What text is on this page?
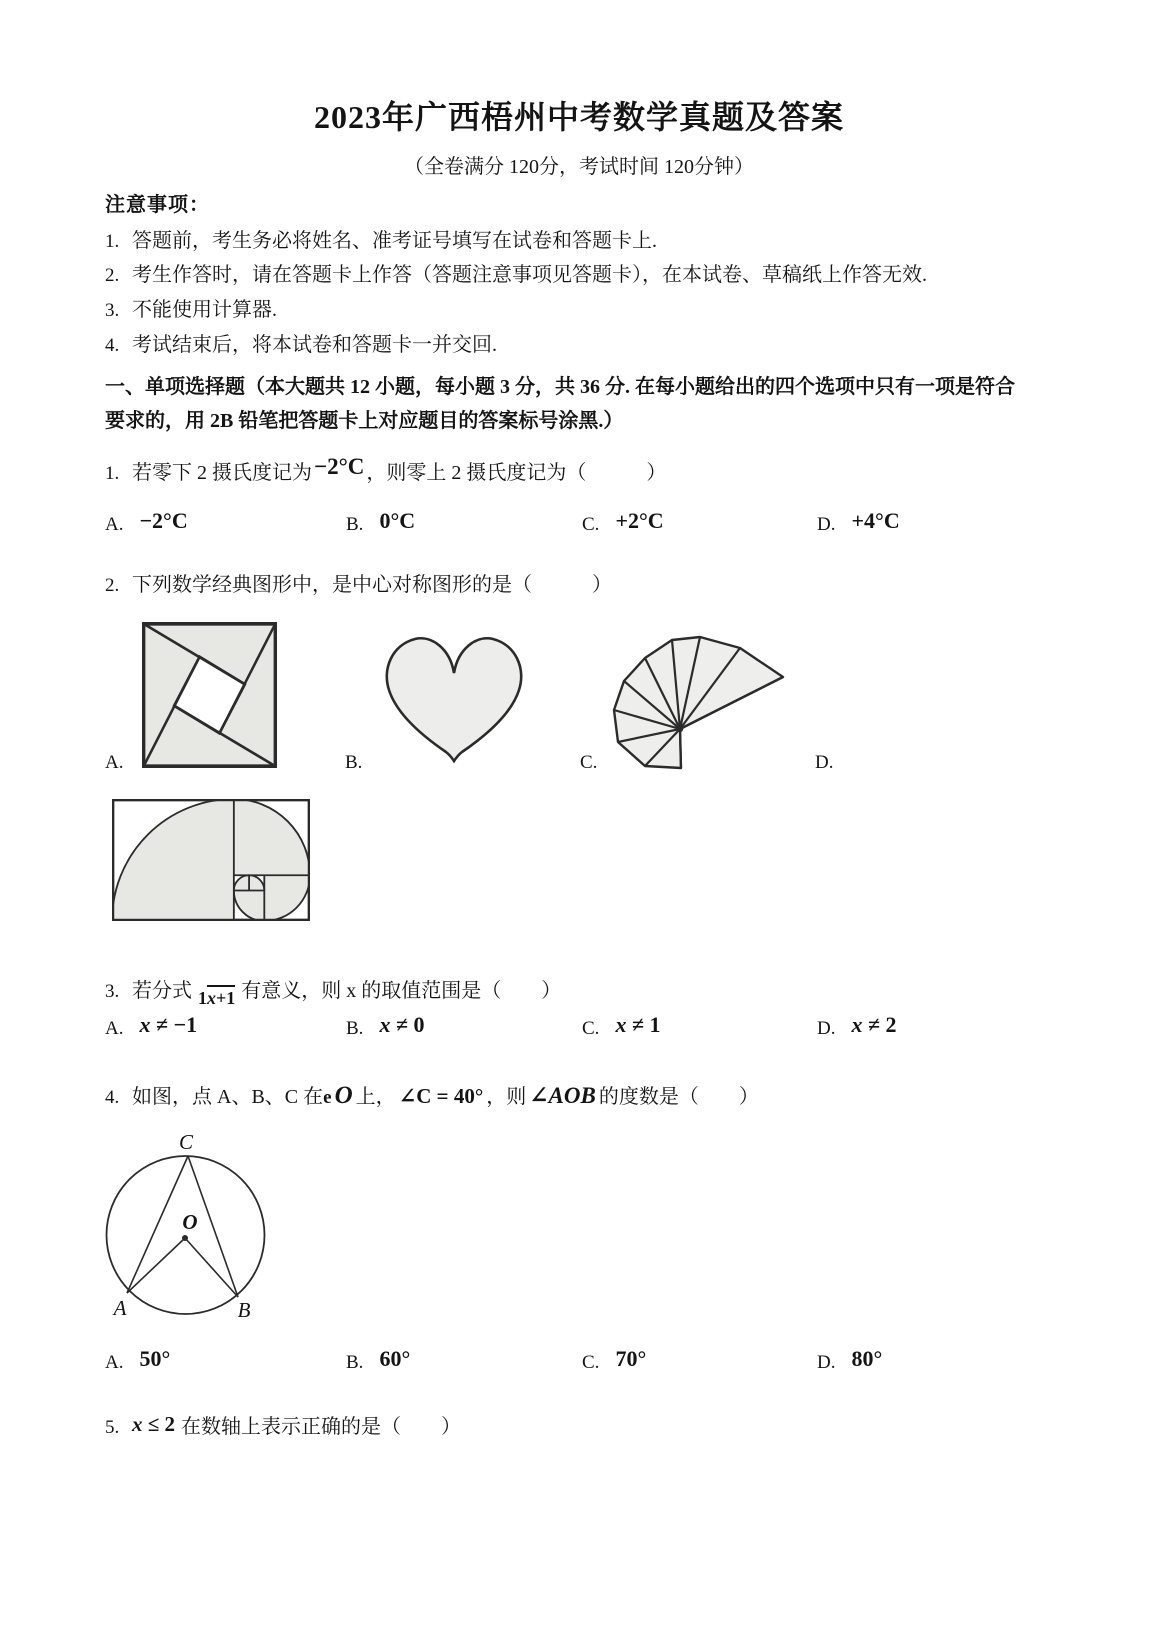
2023年广西梧州中考数学真题及答案
（全卷满分 120分，考试时间 120分钟）
注意事项：
1. 答题前，考生务必将姓名、准考证号填写在试卷和答题卡上.
2. 考生作答时，请在答题卡上作答（答题注意事项见答题卡），在本试卷、草稿纸上作答无效.
3. 不能使用计算器.
4. 考试结束后，将本试卷和答题卡一并交回.
一、单项选择题（本大题共 12 小题，每小题 3 分，共 36 分. 在每小题给出的四个选项中只有一项是符合
要求的，用 2B 铅笔把答题卡上对应题目的答案标号涂黑.）
1. 若零下 2 摄氏度记为−2°C ，则零上 2 摄氏度记为（　　　）
A. −2°C	B. 0°C	C. +2°C	D. +4°C
2. 下列数学经典图形中，是中心对称图形的是（　　　）
A.	B.	C.	D.
3. 若分式 1x+1 有意义，则 x 的取值范围是（　　）
A. x ≠ −1	B. x ≠ 0	C. x ≠ 1	D. x ≠ 2
4. 如图，点 A、B、C 在e O 上， ∠C = 40° ，则 ∠AOB 的度数是（　　）
C
O
A	B
A. 50°	B. 60°	C. 70°	D. 80°
5. x ≤ 2 在数轴上表示正确的是（　　）
